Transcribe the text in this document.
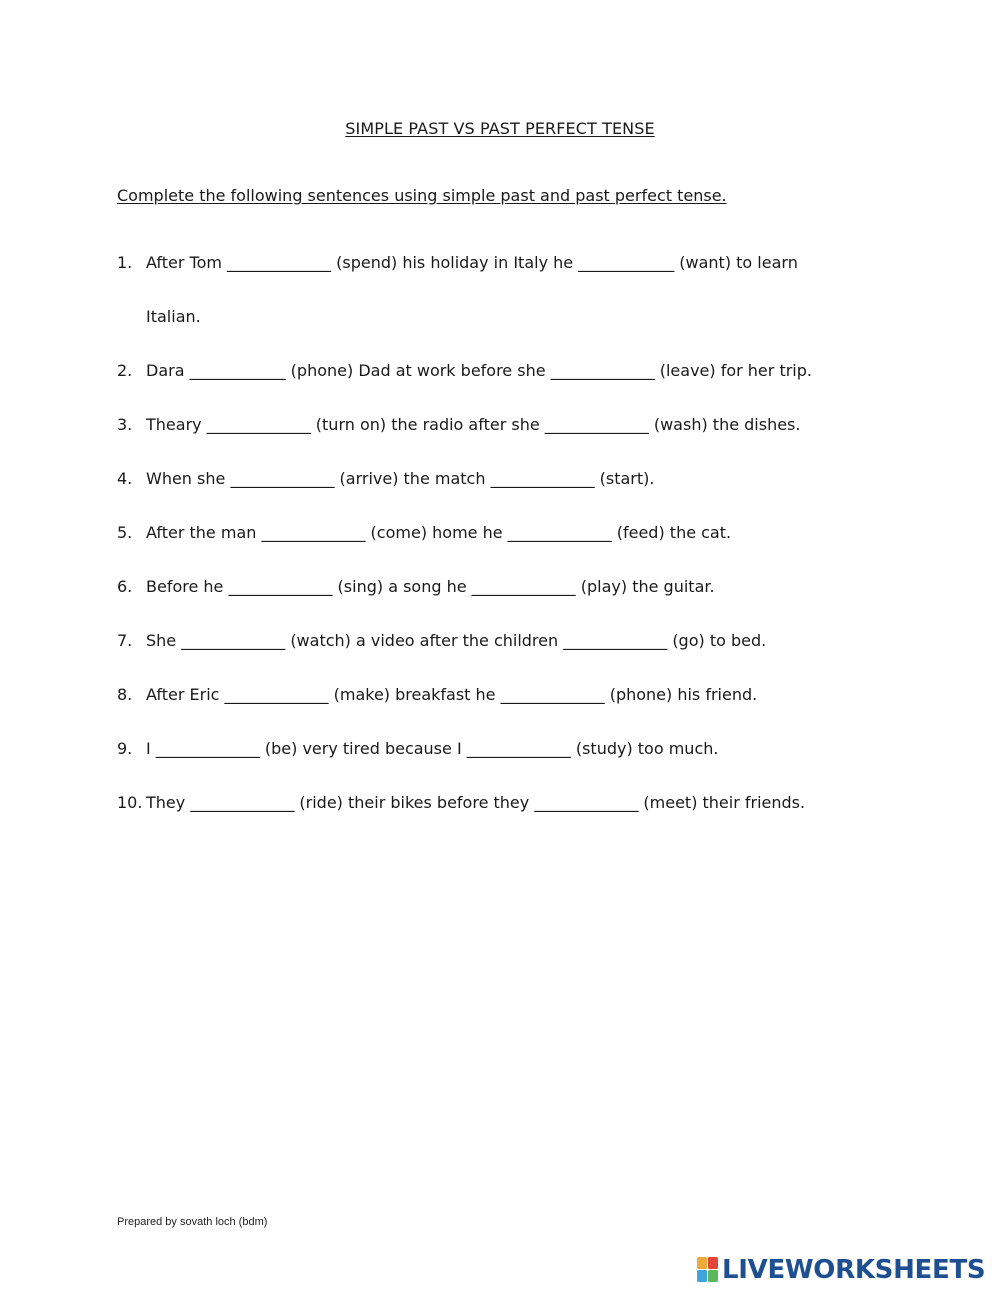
SIMPLE PAST VS PAST PERFECT TENSE
Complete the following sentences using simple past and past perfect tense.
1. After Tom _____________ (spend) his holiday in Italy he ____________ (want) to learn
Italian.
2. Dara ____________ (phone) Dad at work before she _____________ (leave) for her trip.
3. Theary _____________ (turn on) the radio after she _____________ (wash) the dishes.
4. When she _____________ (arrive) the match _____________ (start).
5. After the man _____________ (come) home he _____________ (feed) the cat.
6. Before he _____________ (sing) a song he _____________ (play) the guitar.
7. She _____________ (watch) a video after the children _____________ (go) to bed.
8. After Eric _____________ (make) breakfast he _____________ (phone) his friend.
9. I _____________ (be) very tired because I _____________ (study) too much.
10. They _____________ (ride) their bikes before they _____________ (meet) their friends.
Prepared by sovath loch (bdm)
LIVEWORKSHEETS
